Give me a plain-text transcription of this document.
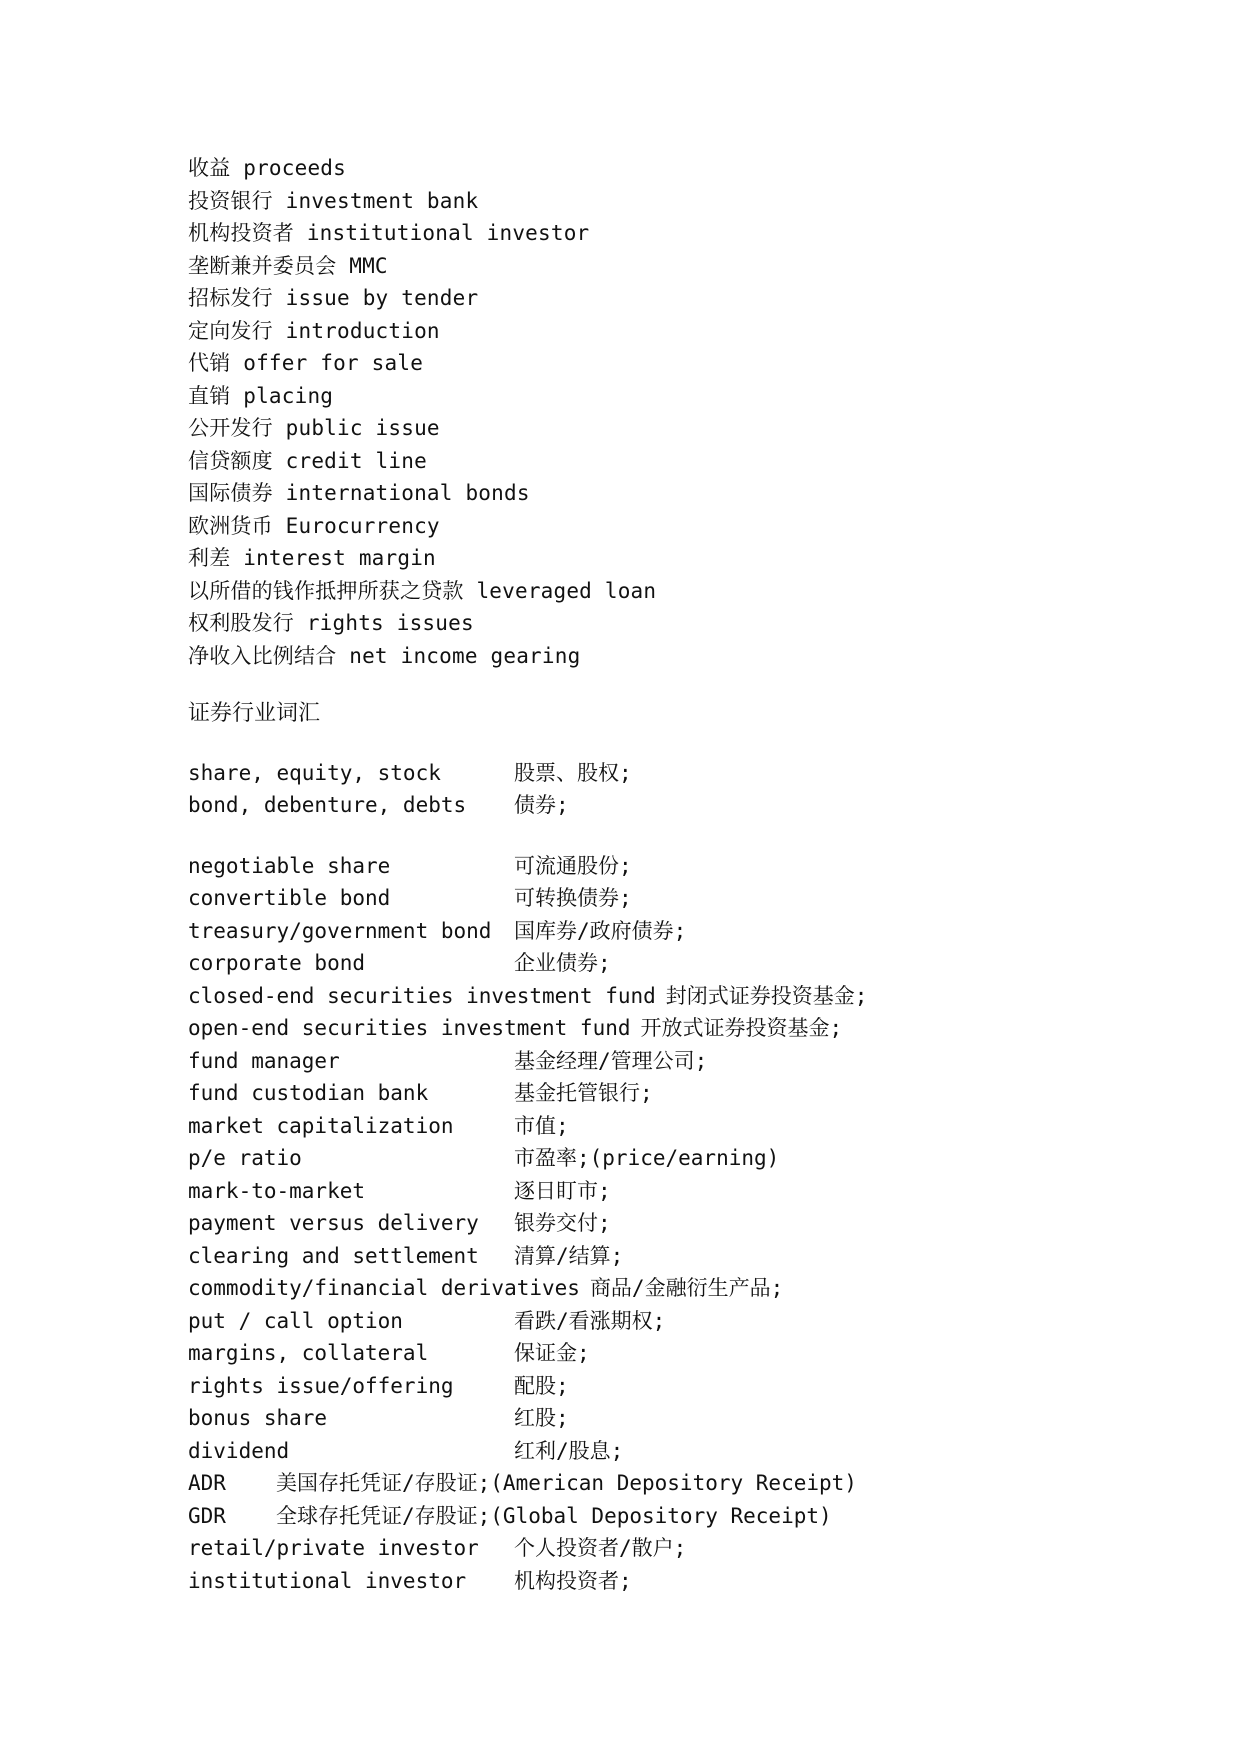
收益 proceeds
投资银行 investment bank
机构投资者 institutional investor
垄断兼并委员会 MMC
招标发行 issue by tender
定向发行 introduction
代销 offer for sale
直销 placing
公开发行 public issue
信贷额度 credit line
国际债券 international bonds
欧洲货币 Eurocurrency
利差 interest margin
以所借的钱作抵押所获之贷款 leveraged loan
权利股发行 rights issues
净收入比例结合 net income gearing
证券行业词汇
share, equity, stock	股票、股权;
bond, debenture, debts	债券;
negotiable share	可流通股份;
convertible bond	可转换债券;
treasury/government bond	国库券/政府债券;
corporate bond	企业债券;
closed-end securities investment fund 封闭式证券投资基金;
open-end securities investment fund 开放式证券投资基金;
fund manager	基金经理/管理公司;
fund custodian bank	基金托管银行;
market capitalization	市值;
p/e ratio	市盈率;(price/earning)
mark-to-market	逐日盯市;
payment versus delivery	银券交付;
clearing and settlement	清算/结算;
commodity/financial derivatives 商品/金融衍生产品;
put / call option	看跌/看涨期权;
margins, collateral	保证金;
rights issue/offering	配股;
bonus share	红股;
dividend	红利/股息;
ADR	美国存托凭证/存股证;(American Depository Receipt)
GDR	全球存托凭证/存股证;(Global Depository Receipt)
retail/private investor	个人投资者/散户;
institutional investor	机构投资者;
